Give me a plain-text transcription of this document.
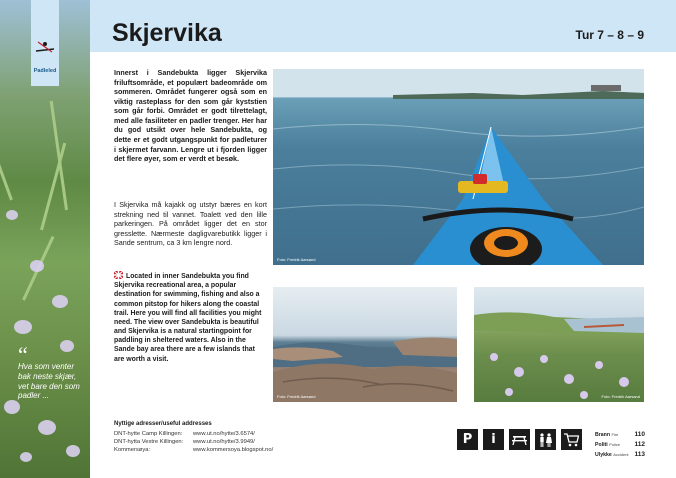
Padleled
“
Hva som venter bak neste skjær, vet bare den som padler ...
Skjervika	Tur 7 – 8 – 9

Innerst i Sandebukta ligger Skjervika friluftsområde, et populært badeområde om sommeren. Området fungerer også som en viktig rasteplass for den som går kyststien som går forbi. Området er godt tilrettelagt, med alle fasiliteter en padler trenger. Her har du god utsikt over hele Sandebukta, og dette er et godt utgangspunkt for padleturer i skjermet farvann. Lengre ut i fjorden ligger det flere øyer, som er verdt et besøk.

I Skjervika må kajakk og utstyr bæres en kort strekning ned til vannet. Toalett ved den lille parkeringen. På området ligger det en stor gresslette. Nærmeste dagligvarebutikk ligger i Sande sentrum, ca 3 km lengre nord.

Located in inner Sandebukta you find Skjervika recreational area, a popular destination for swimming, fishing and also a common pitstop for hikers along the coastal trail. Here you will find all facilities you might need. The view over Sandebukta is beautiful and Skjervika is a natural startingpoint for paddling in sheltered waters. Also in the Sande bay area there are a few islands that are worth a visit.

Foto: Fredrik Aarsand
Foto: Fredrik Aarsand	Foto: Fredrik Aarsand
Nyttige adresser/useful addresses
DNT-hytte Camp Killingen: www.ut.no/hytte/3.6574/
DNT-hytta Vestre Killingen: www.ut.no/hytte/3.9949/
Kommersøya:	www.kommersoya.blogspot.no/
P	i	Brann Fire 110
Politi Police 112
Ulykke Accident 113
